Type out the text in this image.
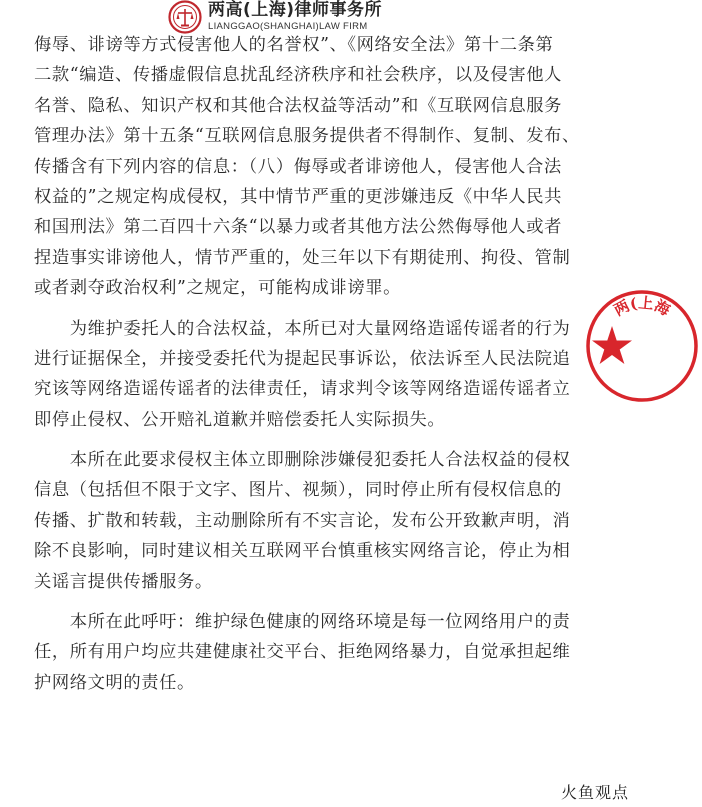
两高(上海)律师事务所
LIANGGAO(SHANGHAI)LAW FIRM
侮辱、诽谤等方式侵害他人的名誉权”、《网络安全法》第十二条第
二款“编造、传播虚假信息扰乱经济秩序和社会秩序，以及侵害他人
名誉、隐私、知识产权和其他合法权益等活动”和《互联网信息服务
管理办法》第十五条“互联网信息服务提供者不得制作、复制、发布、
传播含有下列内容的信息：（八）侮辱或者诽谤他人，侵害他人合法
权益的”之规定构成侵权，其中情节严重的更涉嫌违反《中华人民共
和国刑法》第二百四十六条“以暴力或者其他方法公然侮辱他人或者
捏造事实诽谤他人，情节严重的，处三年以下有期徒刑、拘役、管制
或者剥夺政治权利”之规定，可能构成诽谤罪。
　　为维护委托人的合法权益，本所已对大量网络造谣传谣者的行为
进行证据保全，并接受委托代为提起民事诉讼，依法诉至人民法院追
究该等网络造谣传谣者的法律责任，请求判令该等网络造谣传谣者立
即停止侵权、公开赔礼道歉并赔偿委托人实际损失。
　　本所在此要求侵权主体立即删除涉嫌侵犯委托人合法权益的侵权
信息（包括但不限于文字、图片、视频），同时停止所有侵权信息的
传播、扩散和转载，主动删除所有不实言论，发布公开致歉声明，消
除不良影响，同时建议相关互联网平台慎重核实网络言论，停止为相
关谣言提供传播服务。
　　本所在此呼吁：维护绿色健康的网络环境是每一位网络用户的责
任，所有用户均应共建健康社交平台、拒绝网络暴力，自觉承担起维
护网络文明的责任。
两(上海
火鱼观点
